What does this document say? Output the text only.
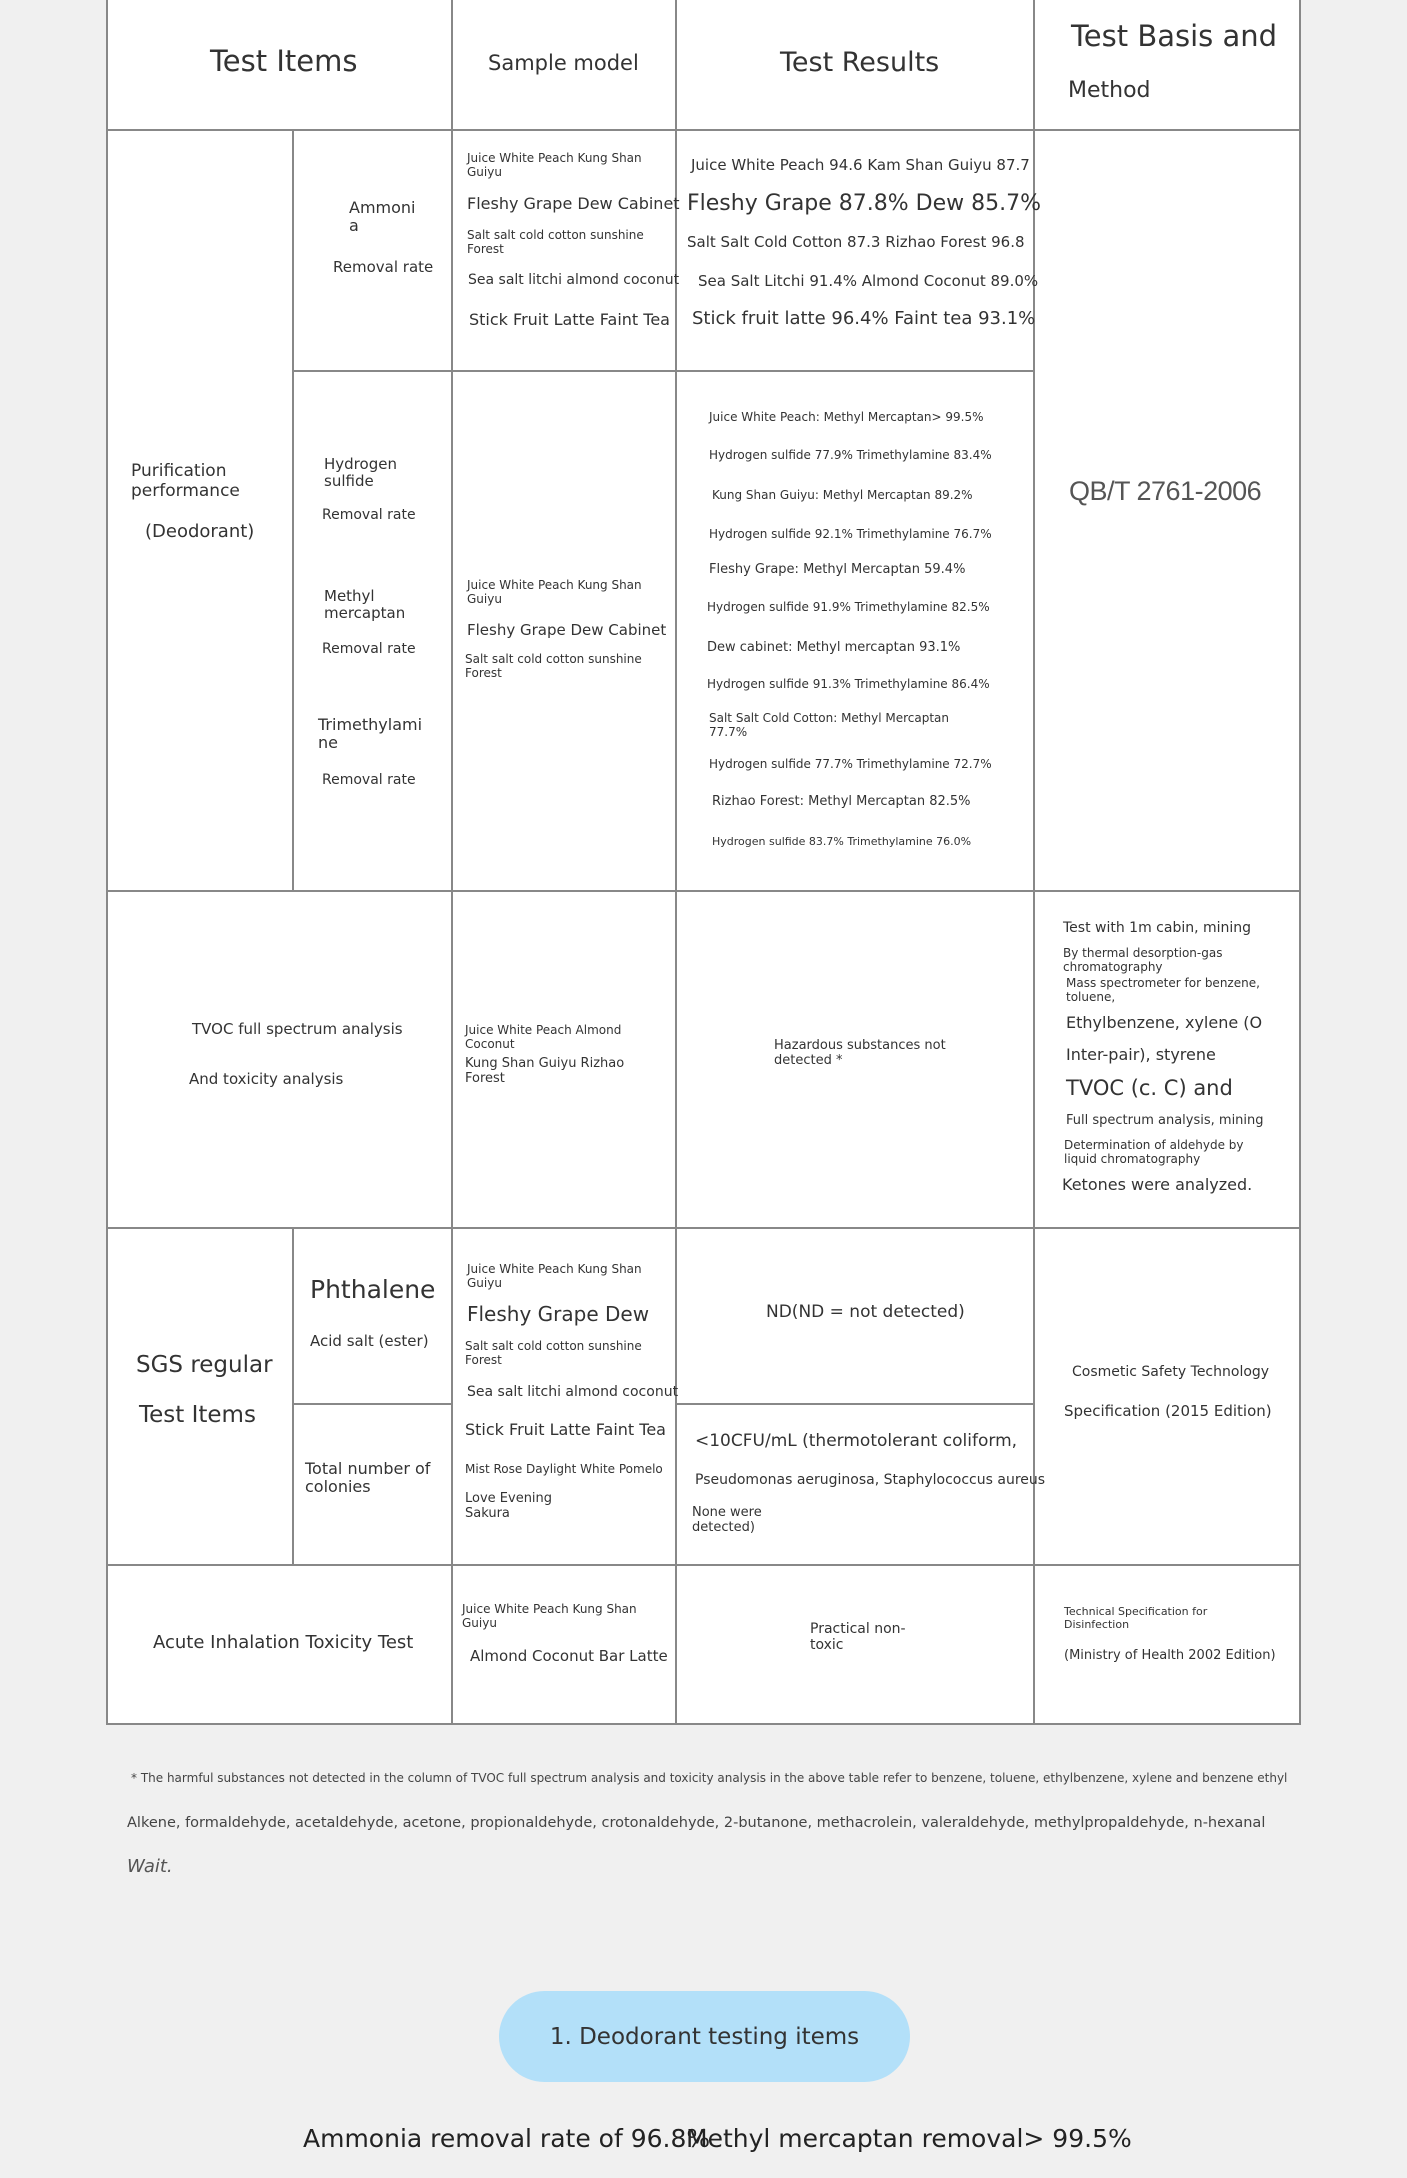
Test Items	Sample model	Test Results
Test Basis and
Method
Purification performance
(Deodorant)
Ammoni a
Removal rate
Juice White Peach Kung Shan Guiyu
Fleshy Grape Dew Cabinet
Salt salt cold cotton sunshine Forest
Sea salt litchi almond coconut
Stick Fruit Latte Faint Tea
Juice White Peach 94.6 Kam Shan Guiyu 87.7
Fleshy Grape 87.8% Dew 85.7%
Salt Salt Cold Cotton 87.3 Rizhao Forest 96.8
Sea Salt Litchi 91.4% Almond Coconut 89.0%
Stick fruit latte 96.4% Faint tea 93.1%
Hydrogen sulfide
Removal rate
Methyl mercaptan
Removal rate
Trimethylami ne
Removal rate
Juice White Peach Kung Shan Guiyu
Fleshy Grape Dew Cabinet
Salt salt cold cotton sunshine Forest
Juice White Peach: Methyl Mercaptan> 99.5%
Hydrogen sulfide 77.9% Trimethylamine 83.4%
Kung Shan Guiyu: Methyl Mercaptan 89.2%
Hydrogen sulfide 92.1% Trimethylamine 76.7%
Fleshy Grape: Methyl Mercaptan 59.4%
Hydrogen sulfide 91.9% Trimethylamine 82.5%
Dew cabinet: Methyl mercaptan 93.1%
Hydrogen sulfide 91.3% Trimethylamine 86.4%
Salt Salt Cold Cotton: Methyl Mercaptan 77.7%
Hydrogen sulfide 77.7% Trimethylamine 72.7%
Rizhao Forest: Methyl Mercaptan 82.5%
Hydrogen sulfide 83.7% Trimethylamine 76.0%
QB/T 2761-2006
TVOC full spectrum analysis
And toxicity analysis
Juice White Peach Almond Coconut
Kung Shan Guiyu Rizhao Forest
Hazardous substances not detected *
Test with 1m cabin, mining
By thermal desorption-gas chromatography
Mass spectrometer for benzene, toluene,
Ethylbenzene, xylene (O
Inter-pair), styrene
TVOC (c. C) and
Full spectrum analysis, mining
Determination of aldehyde by liquid chromatography
Ketones were analyzed.
SGS regular
Test Items
Phthalene
Acid salt (ester)
Total number of colonies
Juice White Peach Kung Shan Guiyu
Fleshy Grape Dew
Salt salt cold cotton sunshine Forest
Sea salt litchi almond coconut
Stick Fruit Latte Faint Tea
Mist Rose Daylight White Pomelo
Love Evening Sakura
ND(ND = not detected)
<10CFU/mL (thermotolerant coliform,
Pseudomonas aeruginosa, Staphylococcus aureus
None were detected)
Cosmetic Safety Technology
Specification (2015 Edition)
Acute Inhalation Toxicity Test
Juice White Peach Kung Shan Guiyu
Almond Coconut Bar Latte
Practical non-toxic
Technical Specification for Disinfection
(Ministry of Health 2002 Edition)
* The harmful substances not detected in the column of TVOC full spectrum analysis and toxicity analysis in the above table refer to benzene, toluene, ethylbenzene, xylene and benzene ethyl
Alkene, formaldehyde, acetaldehyde, acetone, propionaldehyde, crotonaldehyde, 2-butanone, methacrolein, valeraldehyde, methylpropaldehyde, n-hexanal
Wait.
1. Deodorant testing items
Ammonia removal rate of 96.8%
Methyl mercaptan removal> 99.5%
